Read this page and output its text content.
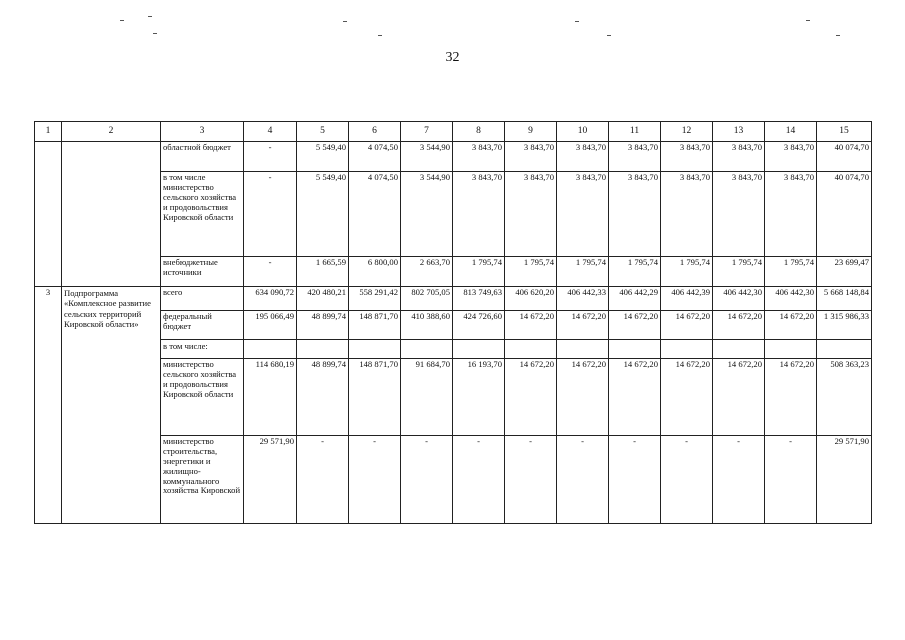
32
1	2	3	4	5	6	7	8	9	10	11	12	13	14	15
		областной бюджет	-	5 549,40	4 074,50	3 544,90	3 843,70	3 843,70	3 843,70	3 843,70	3 843,70	3 843,70	3 843,70	40 074,70
		в том числе министерство сельского хозяйства и продовольствия Кировской области	-	5 549,40	4 074,50	3 544,90	3 843,70	3 843,70	3 843,70	3 843,70	3 843,70	3 843,70	3 843,70	40 074,70
		внебюджетные источники	-	1 665,59	6 800,00	2 663,70	1 795,74	1 795,74	1 795,74	1 795,74	1 795,74	1 795,74	1 795,74	23 699,47
3	Подпрограмма «Комплексное развитие сельских территорий Кировской области»	всего	634 090,72	420 480,21	558 291,42	802 705,05	813 749,63	406 620,20	406 442,33	406 442,29	406 442,39	406 442,30	406 442,30	5 668 148,84
		федеральный бюджет	195 066,49	48 899,74	148 871,70	410 388,60	424 726,60	14 672,20	14 672,20	14 672,20	14 672,20	14 672,20	14 672,20	1 315 986,33
		в том числе:												
		министерство сельского хозяйства и продовольствия Кировской области	114 680,19	48 899,74	148 871,70	91 684,70	16 193,70	14 672,20	14 672,20	14 672,20	14 672,20	14 672,20	14 672,20	508 363,23
		министерство строительства, энергетики и жилищно-коммунального хозяйства Кировской	29 571,90	-	-	-	-	-	-	-	-	-	-	29 571,90
